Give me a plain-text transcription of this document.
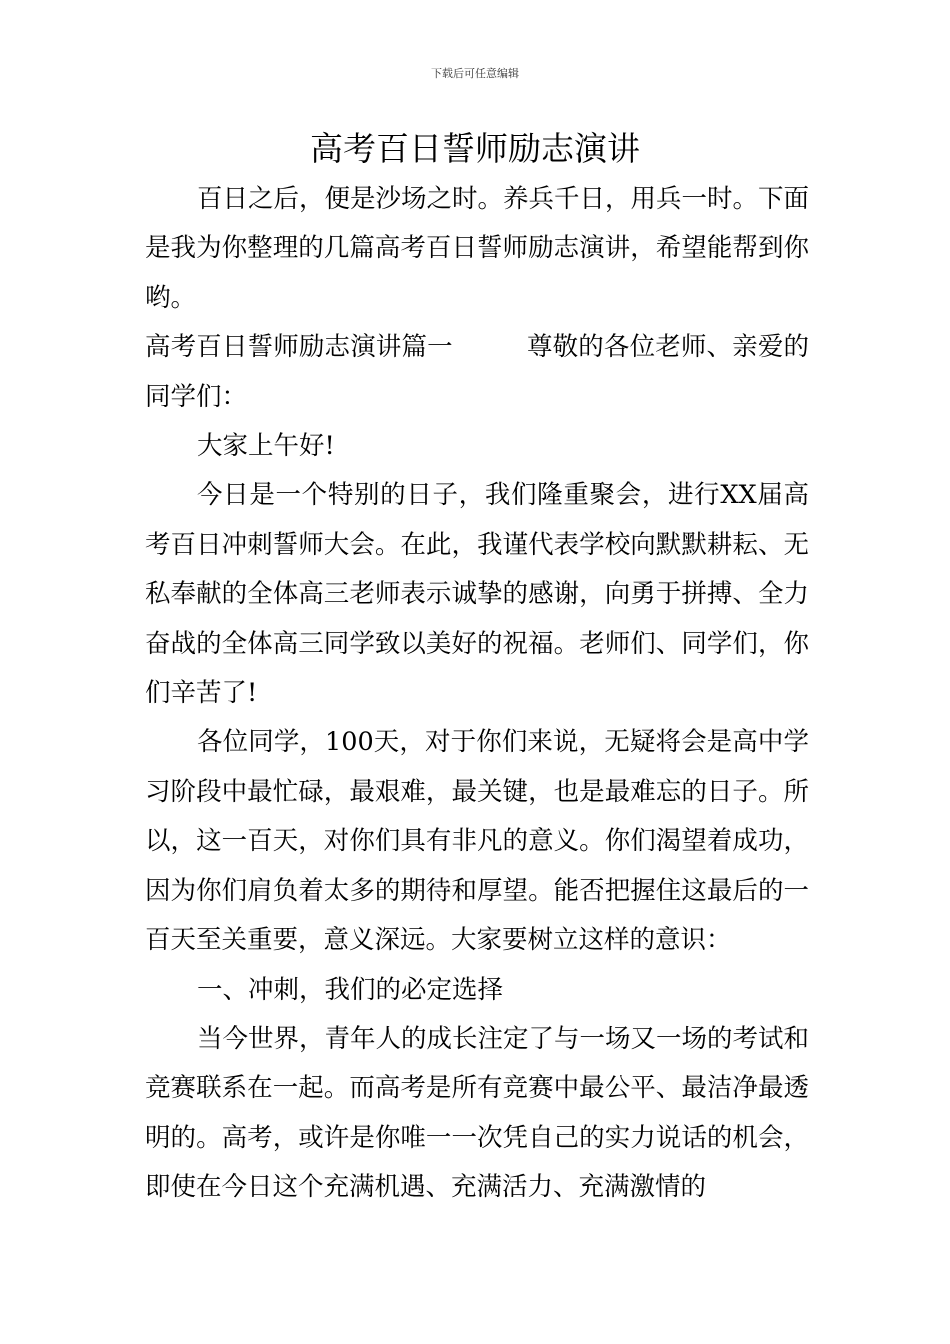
下载后可任意编辑
高考百日誓师励志演讲

百日之后，便是沙场之时。养兵千日，用兵一时。下面是我为你整理的几篇高考百日誓师励志演讲，希望能帮到你哟。

高考百日誓师励志演讲篇一	尊敬的各位老师、亲爱的同学们：

大家上午好!

今日是一个特别的日子，我们隆重聚会，进行XX届高考百日冲刺誓师大会。在此，我谨代表学校向默默耕耘、无私奉献的全体高三老师表示诚挚的感谢，向勇于拼搏、全力奋战的全体高三同学致以美好的祝福。老师们、同学们，你们辛苦了!

各位同学，100天，对于你们来说，无疑将会是高中学习阶段中最忙碌，最艰难，最关键，也是最难忘的日子。所以，这一百天，对你们具有非凡的意义。你们渴望着成功，因为你们肩负着太多的期待和厚望。能否把握住这最后的一百天至关重要，意义深远。大家要树立这样的意识：

一、冲刺，我们的必定选择

当今世界，青年人的成长注定了与一场又一场的考试和竞赛联系在一起。而高考是所有竞赛中最公平、最洁净最透明的。高考，或许是你唯一一次凭自己的实力说话的机会，即使在今日这个充满机遇、充满活力、充满激情的
